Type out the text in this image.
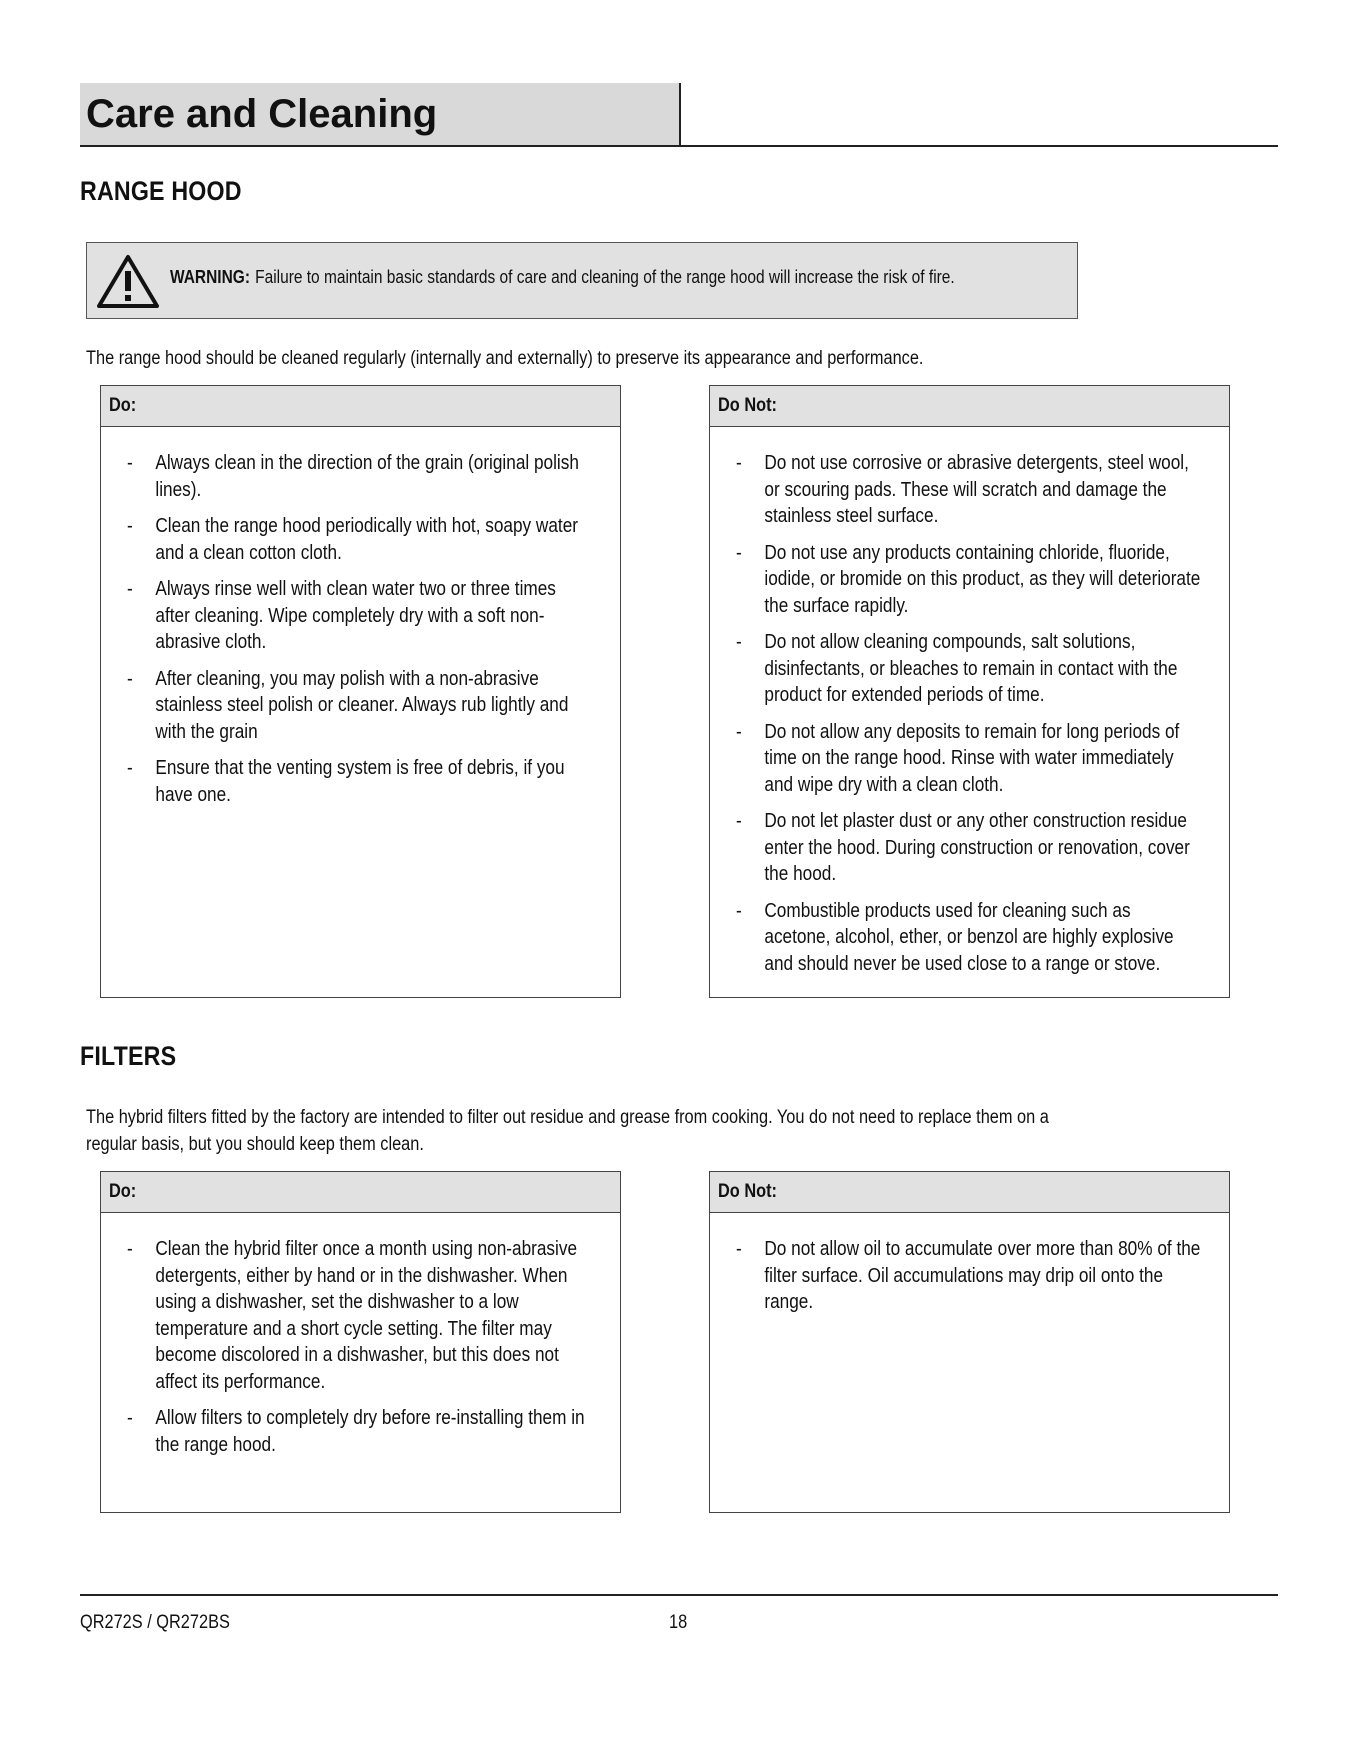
Care and Cleaning
RANGE HOOD
WARNING: Failure to maintain basic standards of care and cleaning of the range hood will increase the risk of fire.
The range hood should be cleaned regularly (internally and externally) to preserve its appearance and performance.
Do:
- Always clean in the direction of the grain (original polish lines).
- Clean the range hood periodically with hot, soapy water and a clean cotton cloth.
- Always rinse well with clean water two or three times after cleaning. Wipe completely dry with a soft non-abrasive cloth.
- After cleaning, you may polish with a non-abrasive stainless steel polish or cleaner. Always rub lightly and with the grain
- Ensure that the venting system is free of debris, if you have one.
Do Not:
- Do not use corrosive or abrasive detergents, steel wool, or scouring pads. These will scratch and damage the stainless steel surface.
- Do not use any products containing chloride, fluoride, iodide, or bromide on this product, as they will deteriorate the surface rapidly.
- Do not allow cleaning compounds, salt solutions, disinfectants, or bleaches to remain in contact with the product for extended periods of time.
- Do not allow any deposits to remain for long periods of time on the range hood. Rinse with water immediately and wipe dry with a clean cloth.
- Do not let plaster dust or any other construction residue enter the hood. During construction or renovation, cover the hood.
- Combustible products used for cleaning such as acetone, alcohol, ether, or benzol are highly explosive and should never be used close to a range or stove.
FILTERS
The hybrid filters fitted by the factory are intended to filter out residue and grease from cooking. You do not need to replace them on a
regular basis, but you should keep them clean.
Do:
- Clean the hybrid filter once a month using non-abrasive detergents, either by hand or in the dishwasher. When using a dishwasher, set the dishwasher to a low temperature and a short cycle setting. The filter may become discolored in a dishwasher, but this does not affect its performance.
- Allow filters to completely dry before re-installing them in the range hood.
Do Not:
- Do not allow oil to accumulate over more than 80% of the filter surface. Oil accumulations may drip oil onto the range.
QR272S / QR272BS	18
